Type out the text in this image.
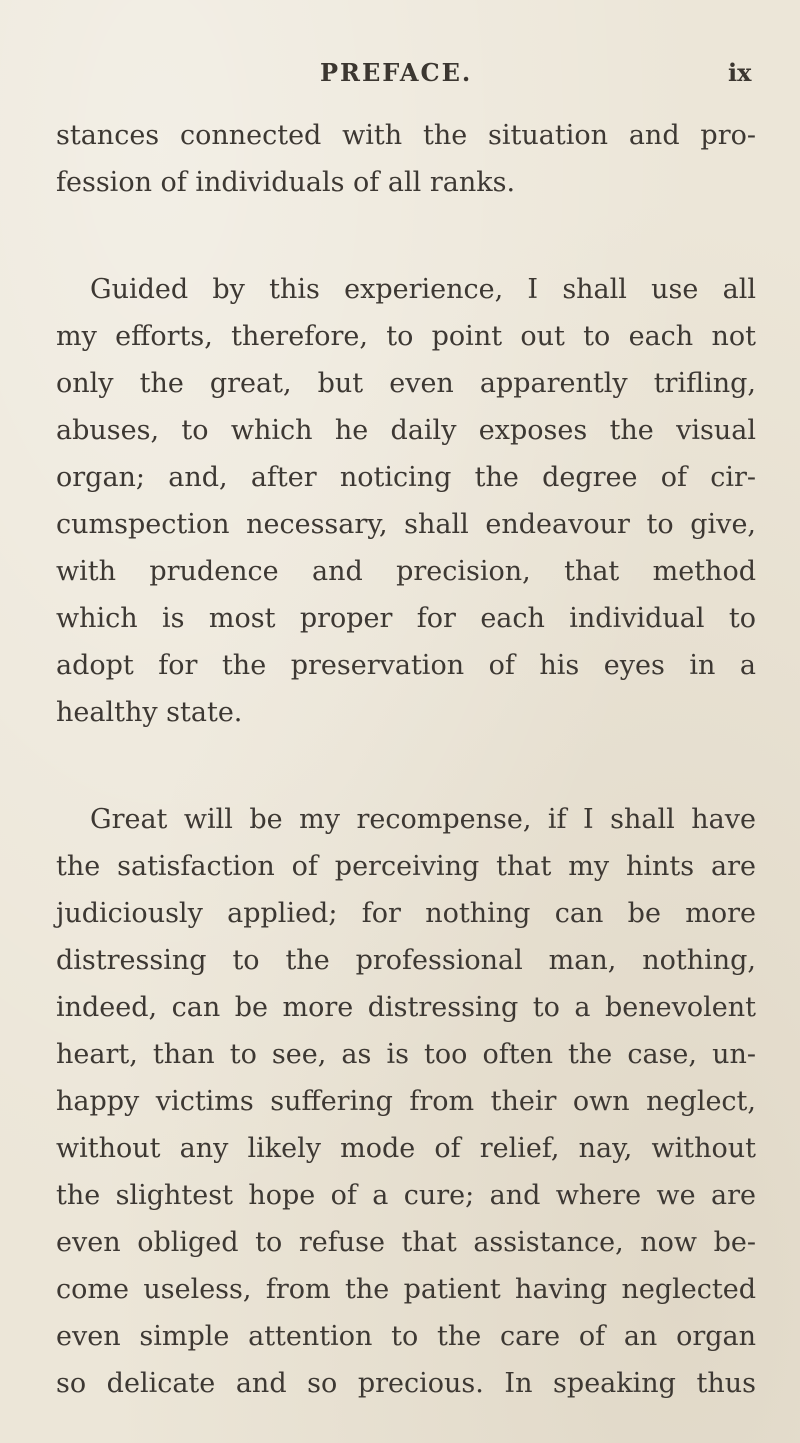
PREFACE.	ix
stances connected with the situation and pro-
fession of individuals of all ranks.
Guided by this experience, I shall use all
my efforts, therefore, to point out to each not
only the great, but even apparently trifling,
abuses, to which he daily exposes the visual
organ; and, after noticing the degree of cir-
cumspection necessary, shall endeavour to give,
with prudence and precision, that method
which is most proper for each individual to
adopt for the preservation of his eyes in a
healthy state.
Great will be my recompense, if I shall have
the satisfaction of perceiving that my hints are
judiciously applied; for nothing can be more
distressing to the professional man, nothing,
indeed, can be more distressing to a benevolent
heart, than to see, as is too often the case, un-
happy victims suffering from their own neglect,
without any likely mode of relief, nay, without
the slightest hope of a cure; and where we are
even obliged to refuse that assistance, now be-
come useless, from the patient having neglected
even simple attention to the care of an organ
so delicate and so precious. In speaking thus
